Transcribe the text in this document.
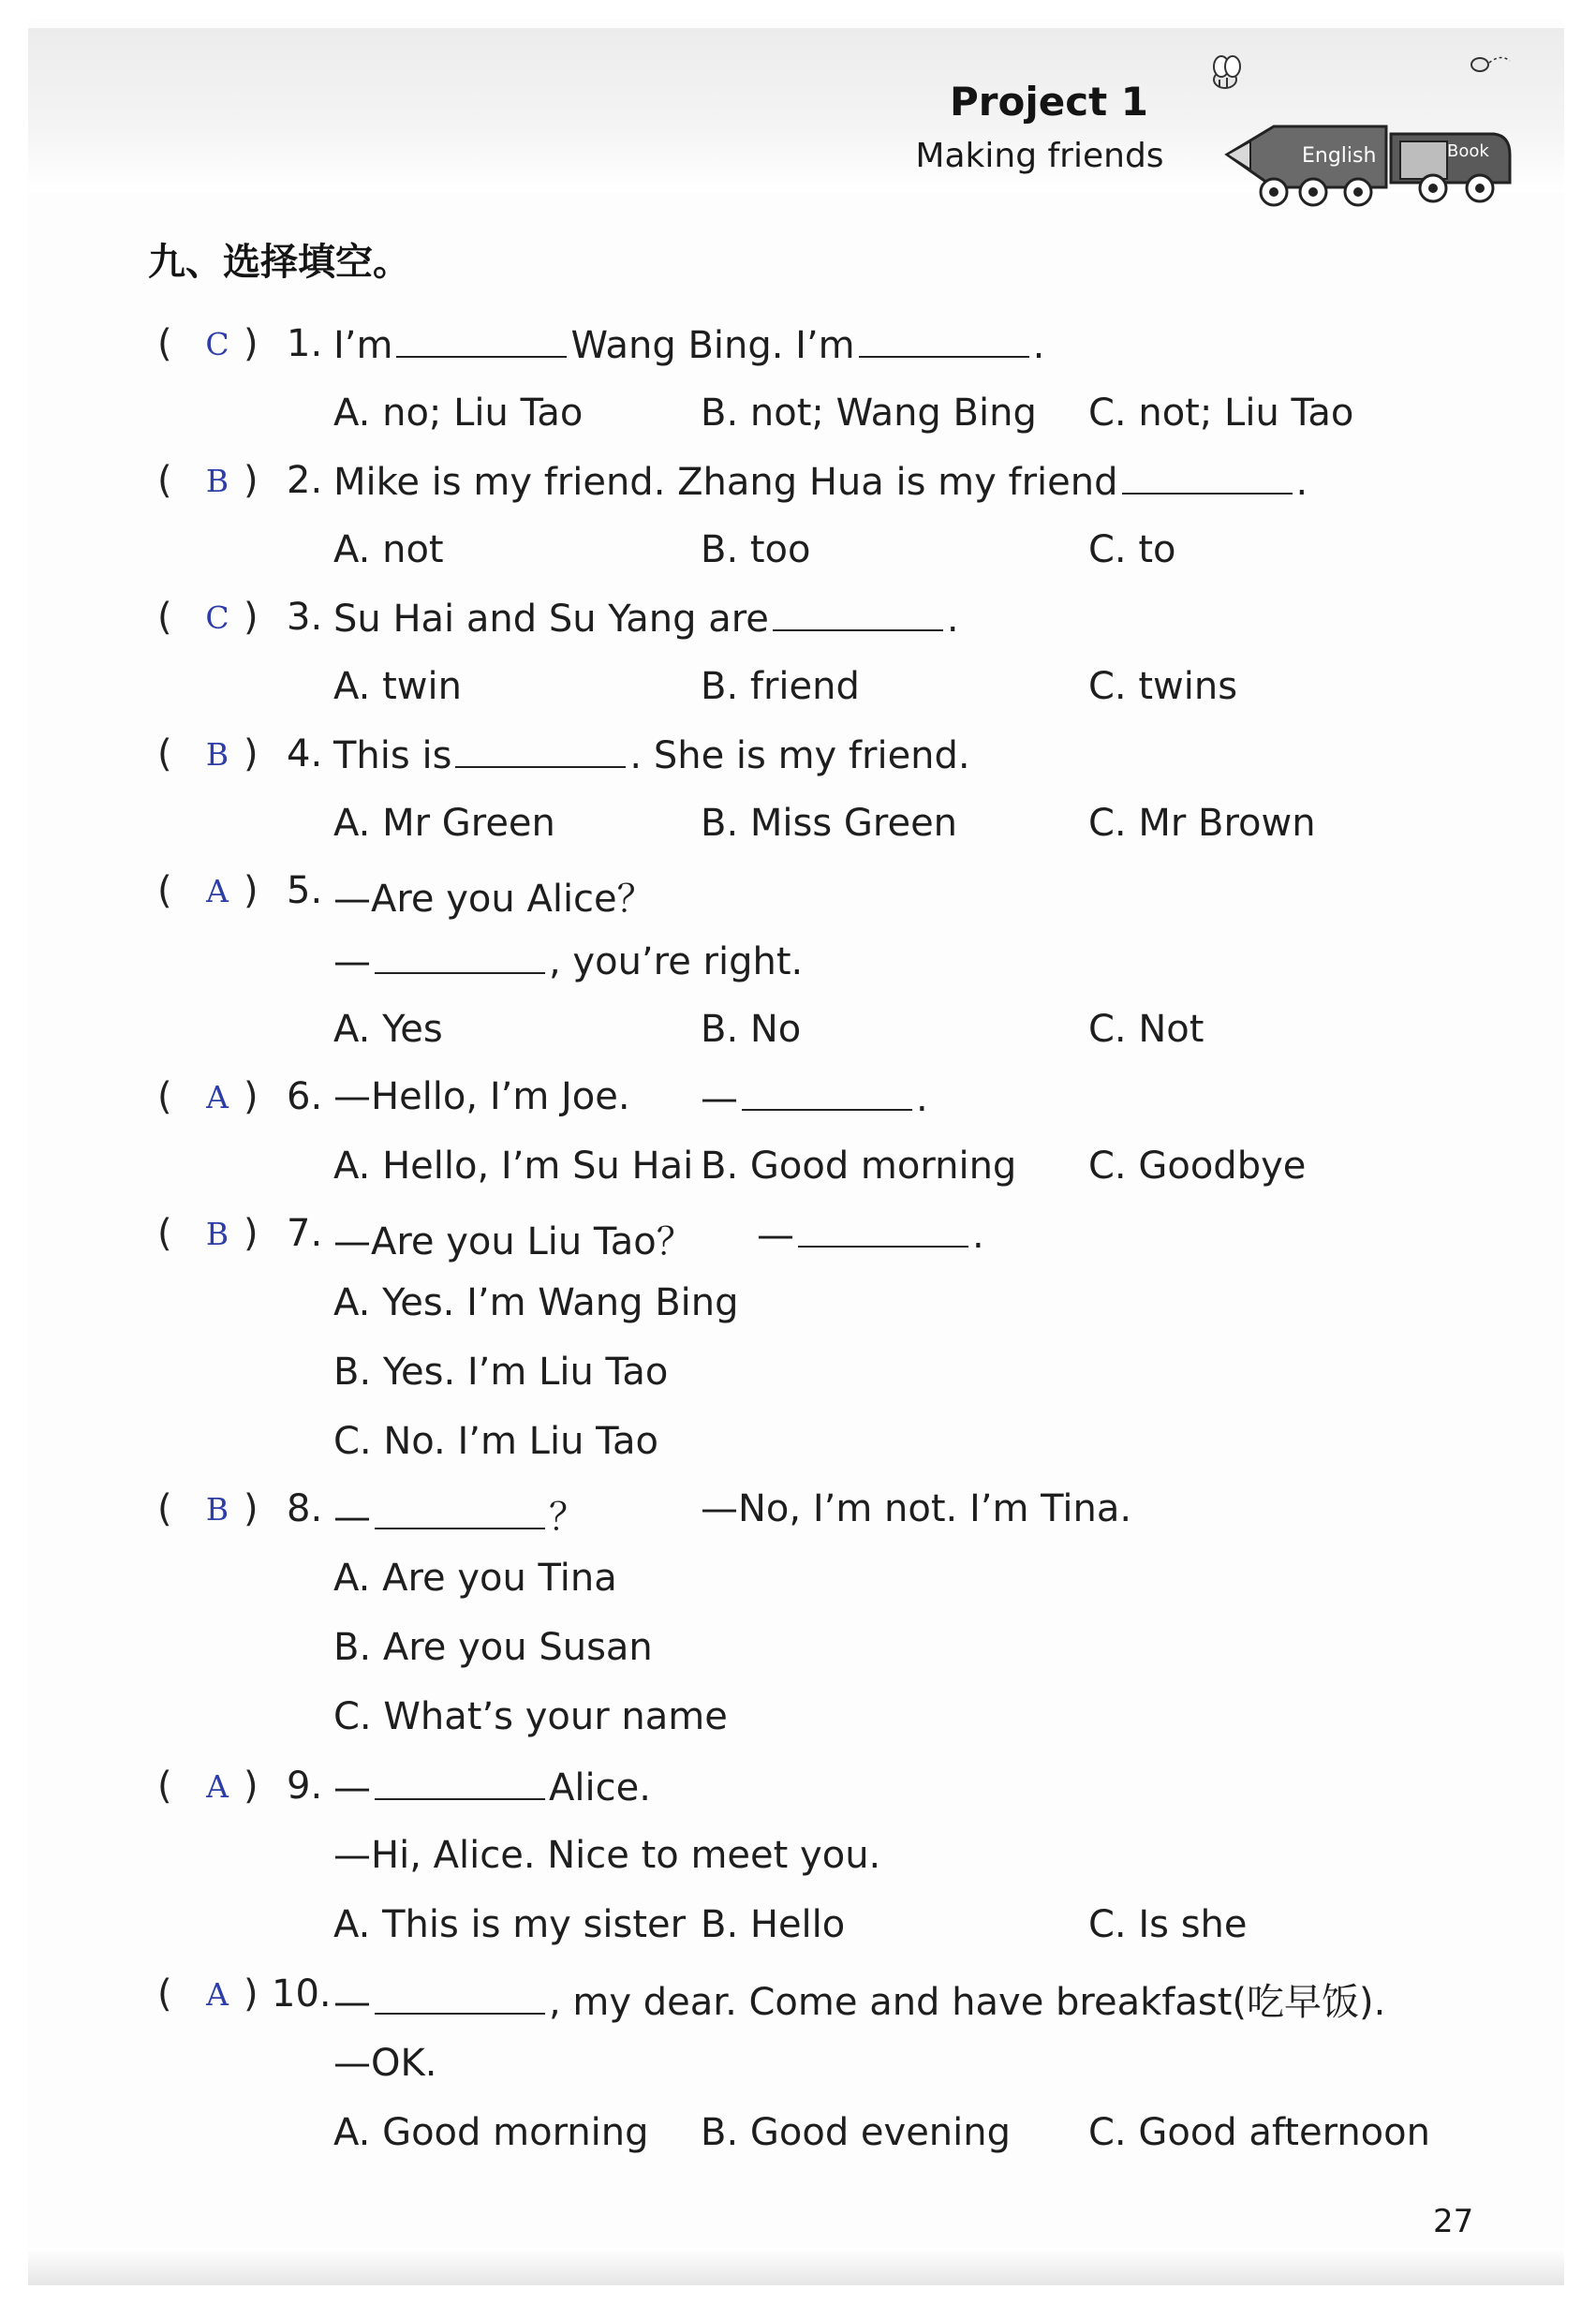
Project 1
Making friends	English	Book
九、选择填空。
( C ) 1. I’m	Wang Bing. I’m	.
A. no; Liu Tao	B. not; Wang Bing C. not; Liu Tao
( B ) 2. Mike is my friend. Zhang Hua is my friend	.
A. not	B. too	C. to
( C ) 3. Su Hai and Su Yang are	.
A. twin	B. friend	C. twins
( B ) 4. This is	. She is my friend.
A. Mr Green	B. Miss Green	C. Mr Brown
( A ) 5. —Are you Alice？
—	, you’re right.
A. Yes	B. No	C. Not
( A ) 6. —Hello, I’m Joe. —	.
A. Hello, I’m Su Hai B. Good morning C. Goodbye
( B ) 7. —Are you Liu Tao？ —	.
A. Yes. I’m Wang Bing
B. Yes. I’m Liu Tao
C. No. I’m Liu Tao
( B ) 8. —	？	—No, I’m not. I’m Tina.
A. Are you Tina
B. Are you Susan
C. What’s your name
( A ) 9. —	Alice.
—Hi, Alice. Nice to meet you.
A. This is my sister B. Hello	C. Is she
( A ) 10. —	, my dear. Come and have breakfast(吃早饭).
—OK.
A. Good morning B. Good evening C. Good afternoon
27
